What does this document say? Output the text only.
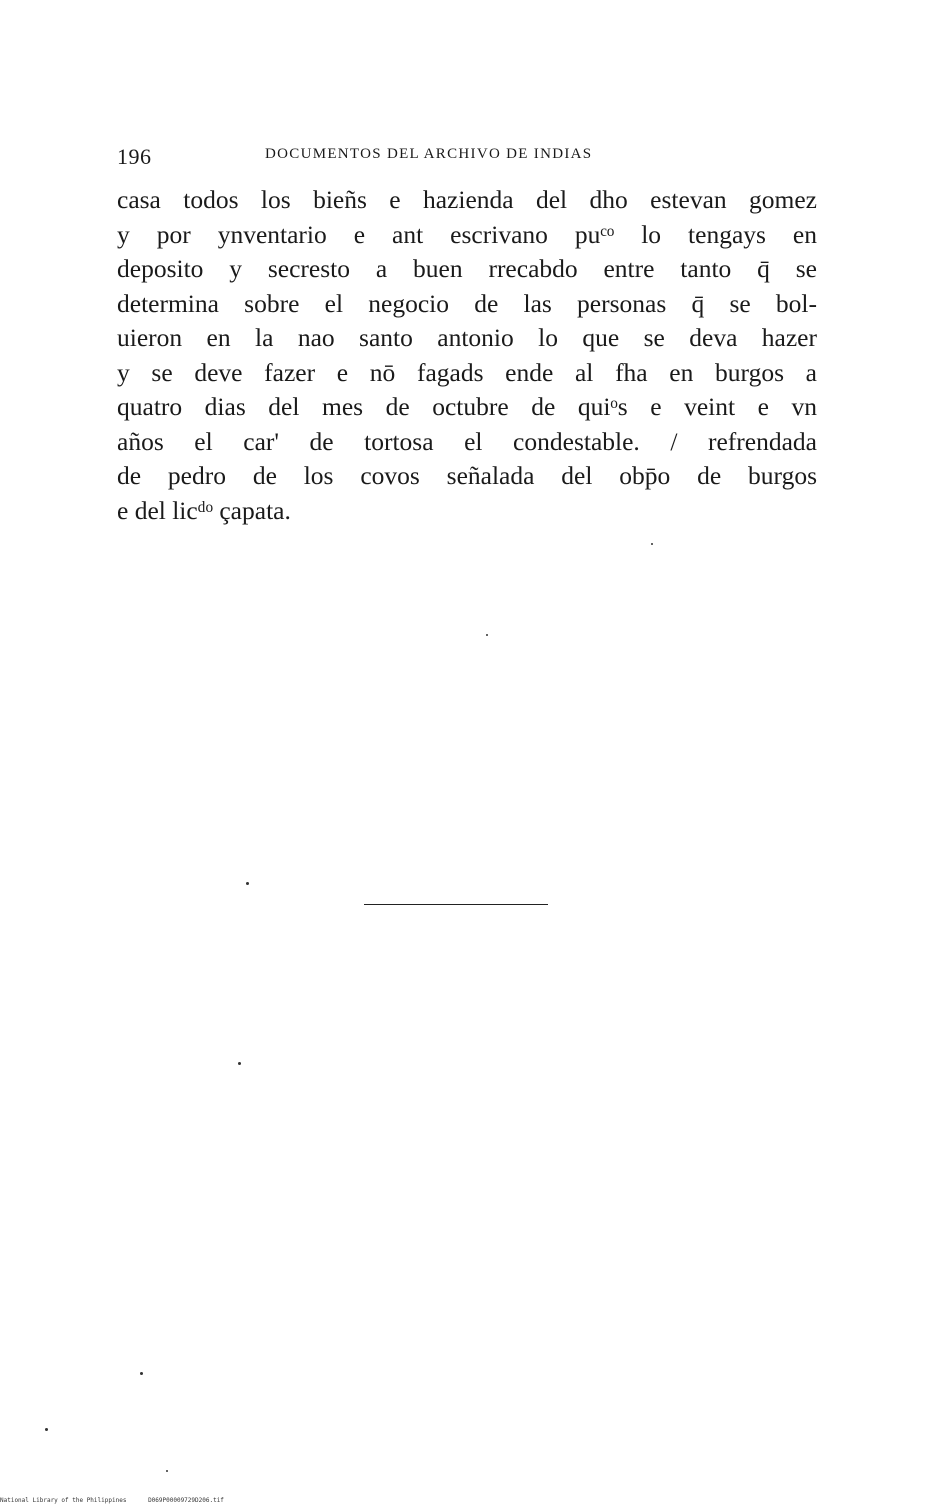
196	DOCUMENTOS DEL ARCHIVO DE INDIAS
casa todos los bieñs e hazienda del dho estevan gomez
y por ynventario e ant escrivano puᶜᵒ lo tengays en
deposito y secresto a buen rrecabdo entre tanto q̄ se
determina sobre el negocio de las personas q̄ se bol-
uieron en la nao santo antonio lo que se deva hazer
y se deve fazer e nō fagads ende al fha en burgos a
quatro dias del mes de octubre de quiᵒs e veint e vn
años el car' de tortosa el condestable. / refrendada
de pedro de los covos señalada del obp̄o de burgos
e del licᵈᵒ çapata.
National Library of the Philippines	D069P00009729D206.tif
